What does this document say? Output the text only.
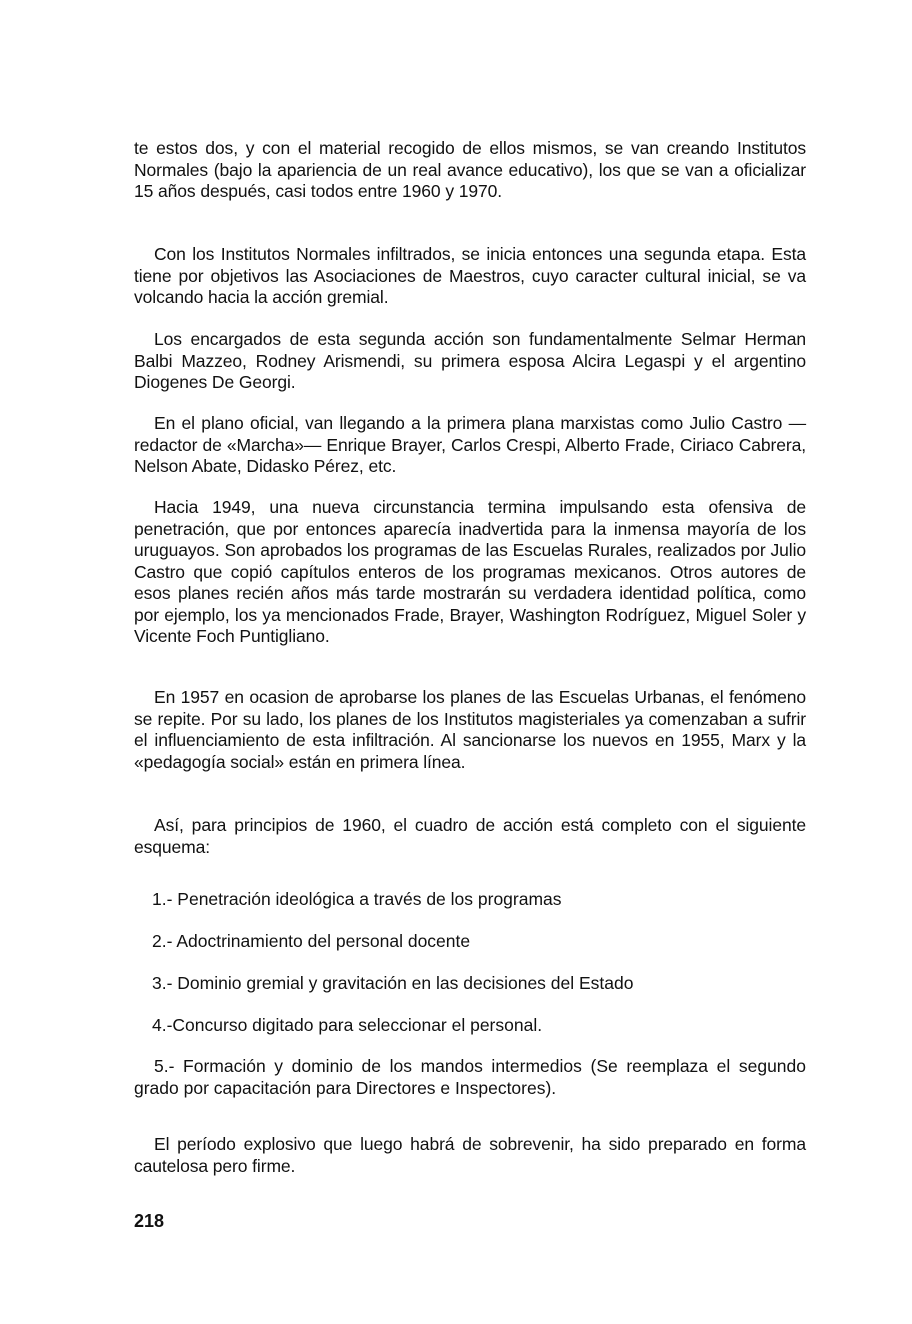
te estos dos, y con el material recogido de ellos mismos, se van creando Institutos Normales (bajo la apariencia de un real avance educativo), los que se van a oficializar 15 años después, casi todos entre 1960 y 1970.

Con los Institutos Normales infiltrados, se inicia entonces una segunda etapa. Esta tiene por objetivos las Asociaciones de Maestros, cuyo caracter cultural inicial, se va volcando hacia la acción gremial.

Los encargados de esta segunda acción son fundamentalmente Selmar Herman Balbi Mazzeo, Rodney Arismendi, su primera esposa Alcira Legaspi y el argentino Diogenes De Georgi.

En el plano oficial, van llegando a la primera plana marxistas como Julio Castro —redactor de «Marcha»— Enrique Brayer, Carlos Crespi, Alberto Frade, Ciriaco Cabrera, Nelson Abate, Didasko Pérez, etc.

Hacia 1949, una nueva circunstancia termina impulsando esta ofensiva de penetración, que por entonces aparecía inadvertida para la inmensa mayoría de los uruguayos. Son aprobados los programas de las Escuelas Rurales, realizados por Julio Castro que copió capítulos enteros de los programas mexicanos. Otros autores de esos planes recién años más tarde mostrarán su verdadera identidad política, como por ejemplo, los ya mencionados Frade, Brayer, Washington Rodríguez, Miguel Soler y Vicente Foch Puntigliano.

En 1957 en ocasion de aprobarse los planes de las Escuelas Urbanas, el fenómeno se repite. Por su lado, los planes de los Institutos magisteriales ya comenzaban a sufrir el influenciamiento de esta infiltración. Al sancionarse los nuevos en 1955, Marx y la «pedagogía social» están en primera línea.

Así, para principios de 1960, el cuadro de acción está completo con el siguiente esquema:

1.- Penetración ideológica a través de los programas

2.- Adoctrinamiento del personal docente

3.- Dominio gremial y gravitación en las decisiones del Estado

4.-Concurso digitado para seleccionar el personal.

5.- Formación y dominio de los mandos intermedios (Se reemplaza el segundo grado por capacitación para Directores e Inspectores).

El período explosivo que luego habrá de sobrevenir, ha sido preparado en forma cautelosa pero firme.

218
